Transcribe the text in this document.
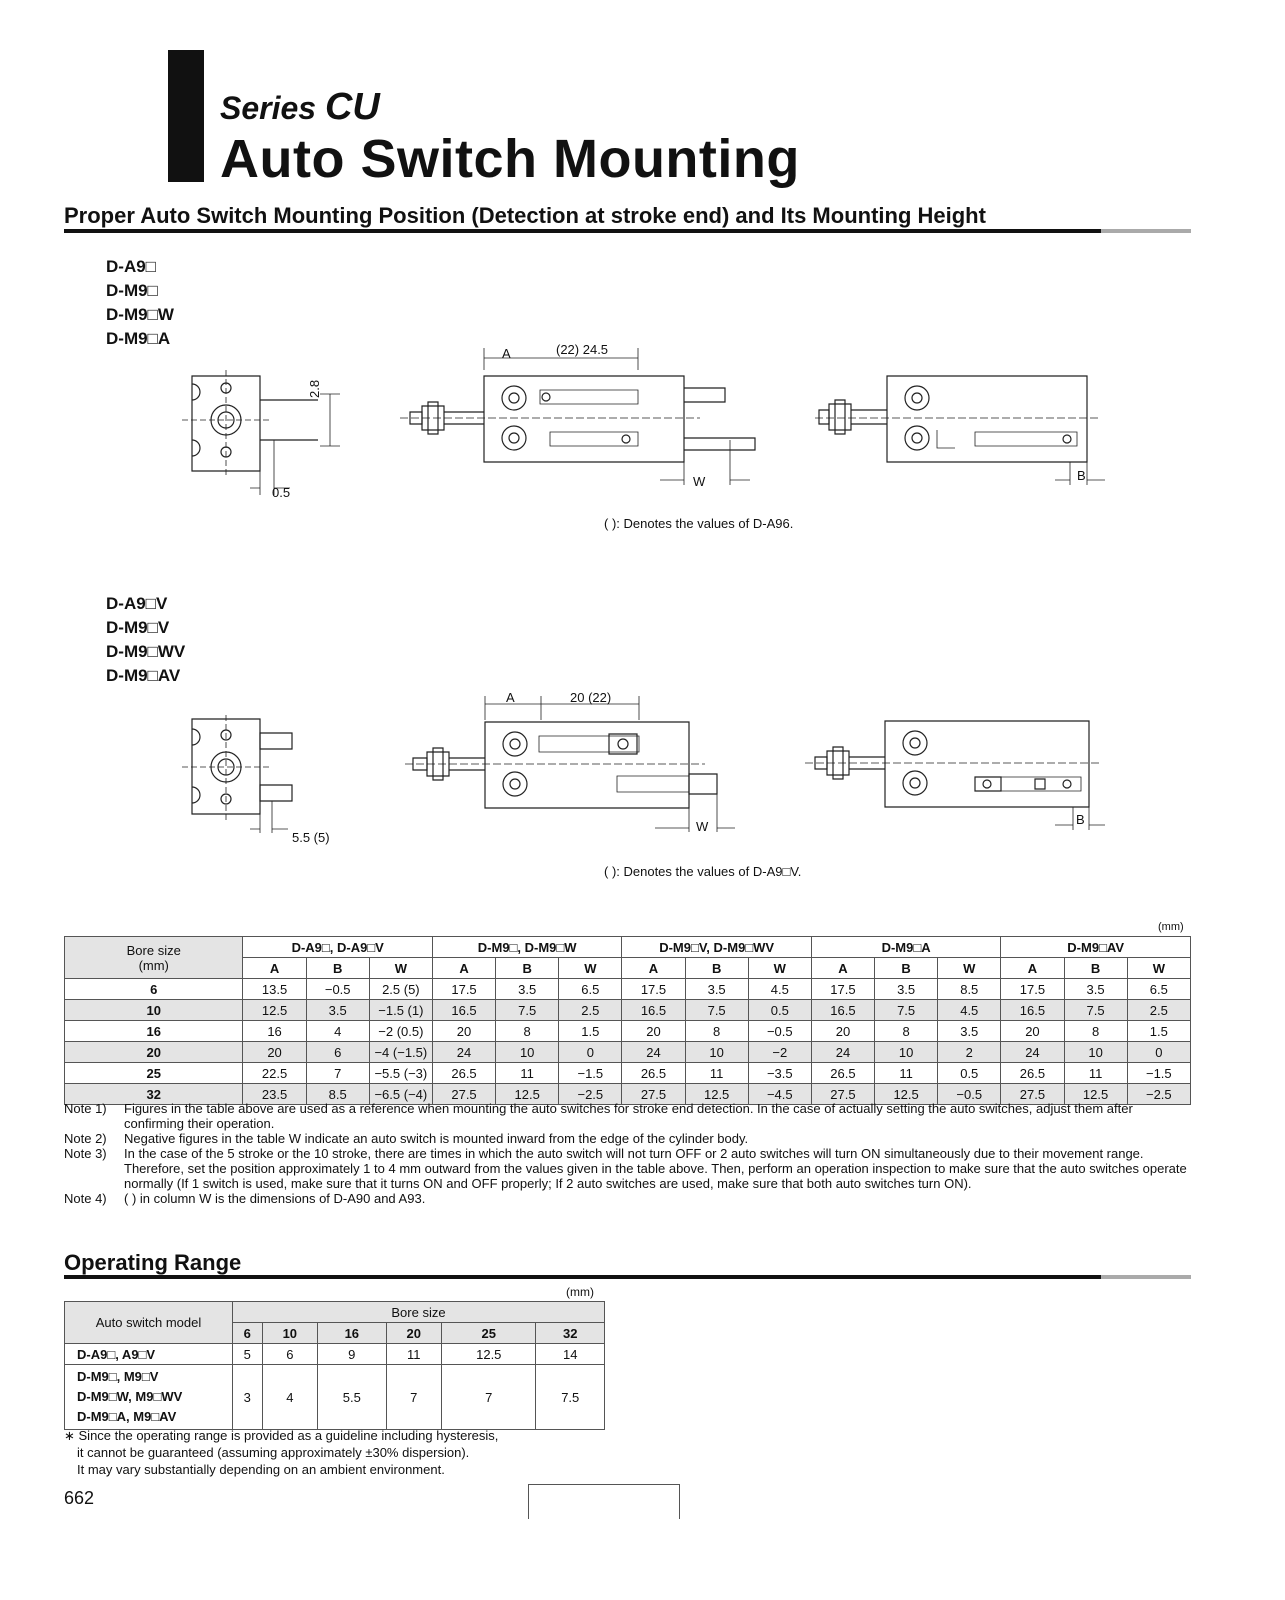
Series CU
Auto Switch Mounting
Proper Auto Switch Mounting Position (Detection at stroke end) and Its Mounting Height
D-A9□
D-M9□
D-M9□W
D-M9□A
2.8
0.5
A	(22) 24.5
W	B
( ): Denotes the values of D-A96.
D-A9□V
D-M9□V
D-M9□WV
D-M9□AV
5.5 (5)
A	20 (22)
W	B
( ): Denotes the values of D-A9□V.
(mm)
Bore size
(mm)	D-A9□, D-A9□V			D-M9□, D-M9□W			D-M9□V, D-M9□WV			D-M9□A			D-M9□AV		
	A	B	W	A	B	W	A	B	W	A	B	W	A	B	W
6	13.5	−0.5	2.5 (5)	17.5	3.5	6.5	17.5	3.5	4.5	17.5	3.5	8.5	17.5	3.5	6.5
10	12.5	3.5	−1.5 (1)	16.5	7.5	2.5	16.5	7.5	0.5	16.5	7.5	4.5	16.5	7.5	2.5
16	16	4	−2 (0.5)	20	8	1.5	20	8	−0.5	20	8	3.5	20	8	1.5
20	20	6	−4 (−1.5)	24	10	0	24	10	−2	24	10	2	24	10	0
25	22.5	7	−5.5 (−3)	26.5	11	−1.5	26.5	11	−3.5	26.5	11	0.5	26.5	11	−1.5
32	23.5	8.5	−6.5 (−4)	27.5	12.5	−2.5	27.5	12.5	−4.5	27.5	12.5	−0.5	27.5	12.5	−2.5
Note 1)	Figures in the table above are used as a reference when mounting the auto switches for stroke end detection. In the case of actually setting the auto switches, adjust them after confirming their operation.
Note 2)	Negative figures in the table W indicate an auto switch is mounted inward from the edge of the cylinder body.
Note 3)	In the case of the 5 stroke or the 10 stroke, there are times in which the auto switch will not turn OFF or 2 auto switches will turn ON simultaneously due to their movement range. Therefore, set the position approximately 1 to 4 mm outward from the values given in the table above. Then, perform an operation inspection to make sure that the auto switches operate normally (If 1 switch is used, make sure that it turns ON and OFF properly; If 2 auto switches are used, make sure that both auto switches turn ON).
Note 4)	( ) in column W is the dimensions of D-A90 and A93.
Operating Range
(mm)
Auto switch model	Bore size					
	6	10	16	20	25	32
D-A9□, A9□V	5	6	9	11	12.5	14

D-M9□, M9□V
D-M9□W, M9□WV
D-M9□A, M9□AV	3	4	5.5	7	7	7.5
∗ Since the operating range is provided as a guideline including hysteresis,
it cannot be guaranteed (assuming approximately ±30% dispersion).
It may vary substantially depending on an ambient environment.
662
